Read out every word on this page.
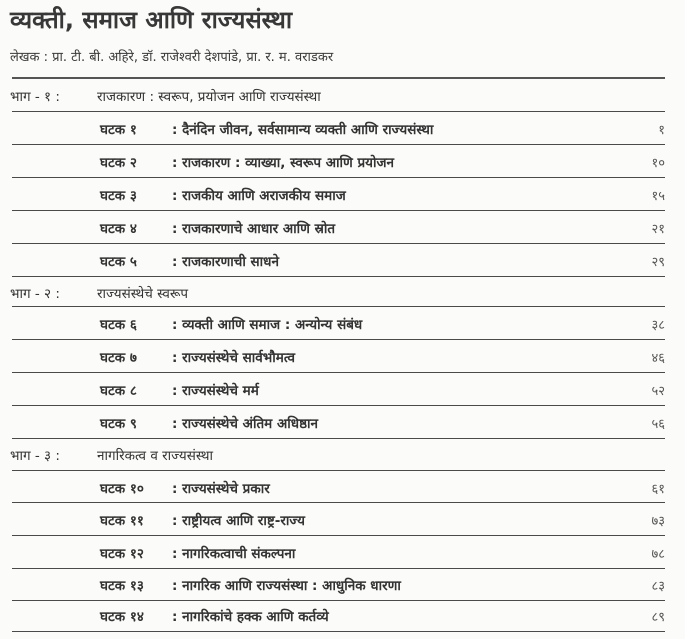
व्यक्ती, समाज आणि राज्यसंस्था
लेखक : प्रा. टी. बी. अहिरे, डॉ. राजेश्वरी देशपांडे, प्रा. र. म. वराडकर
भाग - १ :	राजकारण : स्वरूप, प्रयोजन आणि राज्यसंस्था
घटक १	: दैनंदिन जीवन, सर्वसामान्य व्यक्ती आणि राज्यसंस्था	१
घटक २	: राजकारण : व्याख्या, स्वरूप आणि प्रयोजन	१०
घटक ३	: राजकीय आणि अराजकीय समाज	१५
घटक ४	: राजकारणाचे आधार आणि स्रोत	२१
घटक ५	: राजकारणाची साधने	२९
भाग - २ :	राज्यसंस्थेचे स्वरूप
घटक ६	: व्यक्ती आणि समाज : अन्योन्य संबंध	३८
घटक ७	: राज्यसंस्थेचे सार्वभौमत्व	४६
घटक ८	: राज्यसंस्थेचे मर्म	५२
घटक ९	: राज्यसंस्थेचे अंतिम अधिष्ठान	५६
भाग - ३ :	नागरिकत्व व राज्यसंस्था
घटक १०	: राज्यसंस्थेचे प्रकार	६१
घटक ११	: राष्ट्रीयत्व आणि राष्ट्र-राज्य	७३
घटक १२	: नागरिकत्वाची संकल्पना	७८
घटक १३	: नागरिक आणि राज्यसंस्था : आधुनिक धारणा	८३
घटक १४	: नागरिकांचे हक्क आणि कर्तव्ये	८९
